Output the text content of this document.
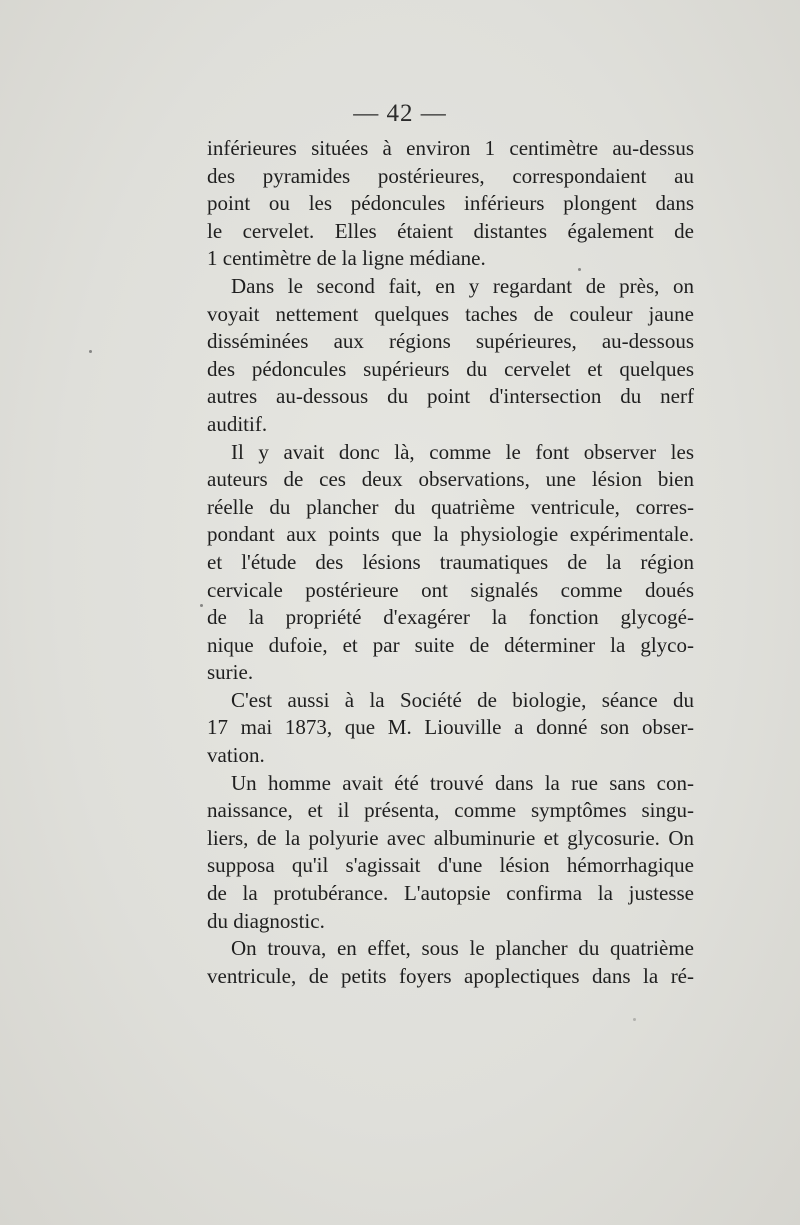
— 42 —
inférieures situées à environ 1 centimètre au-dessus
des pyramides postérieures, correspondaient au
point ou les pédoncules inférieurs plongent dans
le cervelet. Elles étaient distantes également de
1 centimètre de la ligne médiane.
Dans le second fait, en y regardant de près, on
voyait nettement quelques taches de couleur jaune
disséminées aux régions supérieures, au-dessous
des pédoncules supérieurs du cervelet et quelques
autres au-dessous du point d'intersection du nerf
auditif.
Il y avait donc là, comme le font observer les
auteurs de ces deux observations, une lésion bien
réelle du plancher du quatrième ventricule, corres-
pondant aux points que la physiologie expérimentale.
et l'étude des lésions traumatiques de la région
cervicale postérieure ont signalés comme doués
de la propriété d'exagérer la fonction glycogé-
nique dufoie, et par suite de déterminer la glyco-
surie.
C'est aussi à la Société de biologie, séance du
17 mai 1873, que M. Liouville a donné son obser-
vation.
Un homme avait été trouvé dans la rue sans con-
naissance, et il présenta, comme symptômes singu-
liers, de la polyurie avec albuminurie et glycosurie. On
supposa qu'il s'agissait d'une lésion hémorrhagique
de la protubérance. L'autopsie confirma la justesse
du diagnostic.
On trouva, en effet, sous le plancher du quatrième
ventricule, de petits foyers apoplectiques dans la ré-
